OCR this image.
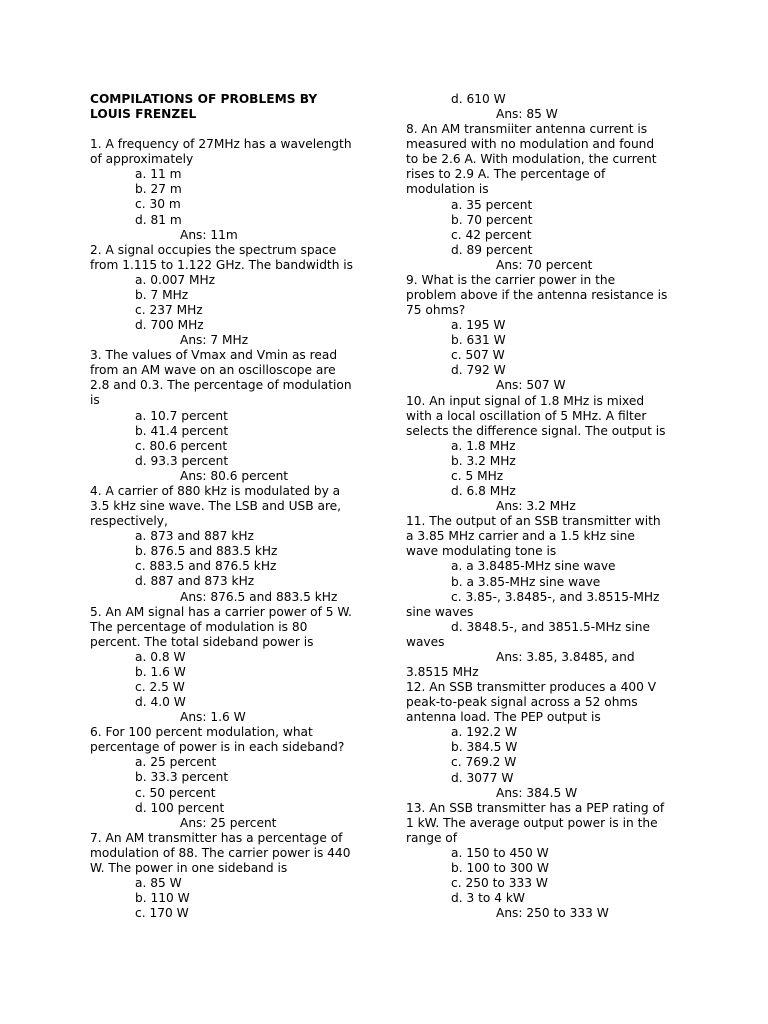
COMPILATIONS OF PROBLEMS BY
LOUIS FRENZEL
1. A frequency of 27MHz has a wavelength
of approximately
a. 11 m
b. 27 m
c. 30 m
d. 81 m
Ans: 11m
2. A signal occupies the spectrum space
from 1.115 to 1.122 GHz. The bandwidth is
a. 0.007 MHz
b. 7 MHz
c. 237 MHz
d. 700 MHz
Ans: 7 MHz
3. The values of Vmax and Vmin as read
from an AM wave on an oscilloscope are
2.8 and 0.3. The percentage of modulation
is
a. 10.7 percent
b. 41.4 percent
c. 80.6 percent
d. 93.3 percent
Ans: 80.6 percent
4. A carrier of 880 kHz is modulated by a
3.5 kHz sine wave. The LSB and USB are,
respectively,
a. 873 and 887 kHz
b. 876.5 and 883.5 kHz
c. 883.5 and 876.5 kHz
d. 887 and 873 kHz
Ans: 876.5 and 883.5 kHz
5. An AM signal has a carrier power of 5 W.
The percentage of modulation is 80
percent. The total sideband power is
a. 0.8 W
b. 1.6 W
c. 2.5 W
d. 4.0 W
Ans: 1.6 W
6. For 100 percent modulation, what
percentage of power is in each sideband?
a. 25 percent
b. 33.3 percent
c. 50 percent
d. 100 percent
Ans: 25 percent
7. An AM transmitter has a percentage of
modulation of 88. The carrier power is 440
W. The power in one sideband is
a. 85 W
b. 110 W
c. 170 W
d. 610 W
Ans: 85 W
8. An AM transmiiter antenna current is
measured with no modulation and found
to be 2.6 A. With modulation, the current
rises to 2.9 A. The percentage of
modulation is
a. 35 percent
b. 70 percent
c. 42 percent
d. 89 percent
Ans: 70 percent
9. What is the carrier power in the
problem above if the antenna resistance is
75 ohms?
a. 195 W
b. 631 W
c. 507 W
d. 792 W
Ans: 507 W
10. An input signal of 1.8 MHz is mixed
with a local oscillation of 5 MHz. A filter
selects the difference signal. The output is
a. 1.8 MHz
b. 3.2 MHz
c. 5 MHz
d. 6.8 MHz
Ans: 3.2 MHz
11. The output of an SSB transmitter with
a 3.85 MHz carrier and a 1.5 kHz sine
wave modulating tone is
a. a 3.8485-MHz sine wave
b. a 3.85-MHz sine wave
c. 3.85-, 3.8485-, and 3.8515-MHz
sine waves
d. 3848.5-, and 3851.5-MHz sine
waves
Ans: 3.85, 3.8485, and
3.8515 MHz
12. An SSB transmitter produces a 400 V
peak-to-peak signal across a 52 ohms
antenna load. The PEP output is
a. 192.2 W
b. 384.5 W
c. 769.2 W
d. 3077 W
Ans: 384.5 W
13. An SSB transmitter has a PEP rating of
1 kW. The average output power is in the
range of
a. 150 to 450 W
b. 100 to 300 W
c. 250 to 333 W
d. 3 to 4 kW
Ans: 250 to 333 W
